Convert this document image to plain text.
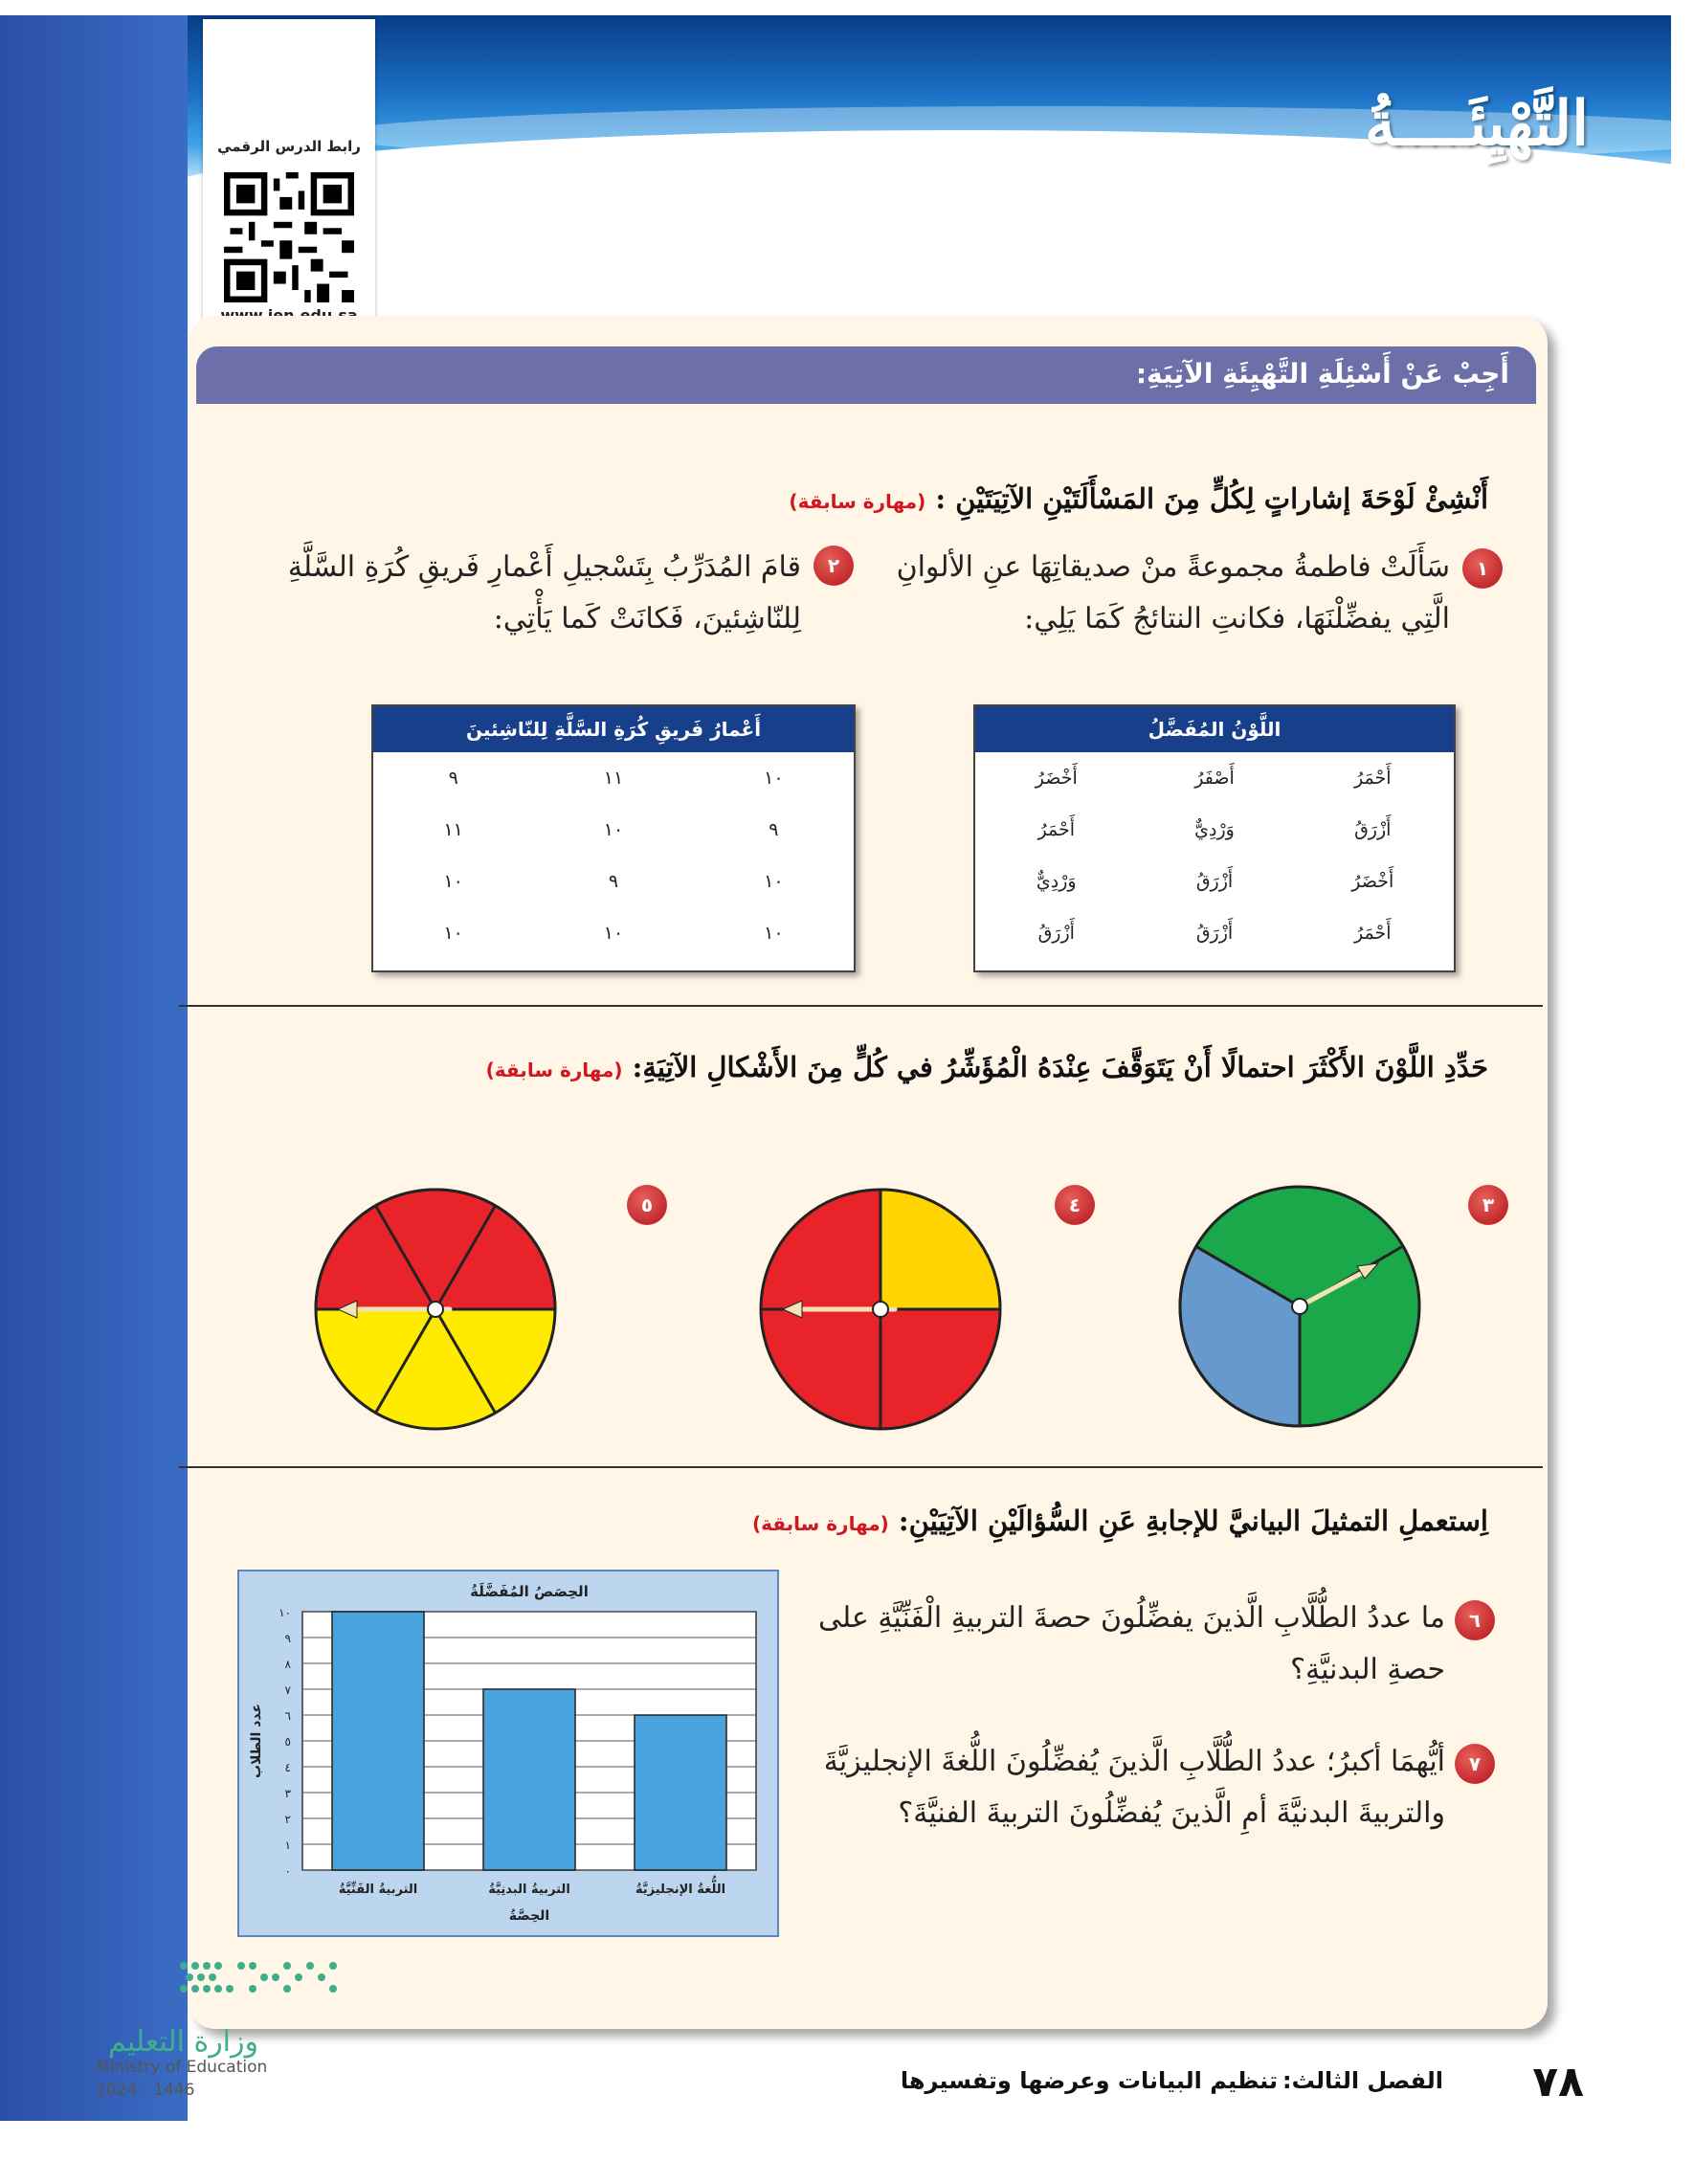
التَّهْيِئَــــةُ
رابط الدرس الرقمي
أَجِبْ عَنْ أَسْئِلَةِ التَّهْيِئَةِ الآتِيَةِ:
أَنْشِئْ لَوْحَةَ إشاراتٍ لِكُلٍّ مِنَ المَسْأَلَتَيْنِ الآتِيَتَيْنِ : (مهارة سابقة)
١
سَأَلَتْ فاطمةُ مجموعةً منْ صديقاتِهَا عنِ الألوانِ الَّتِي يفضِّلْنَهَا، فكانتِ النتائجُ كَمَا يَلِي:
٢
قامَ المُدَرِّبُ بِتَسْجيلِ أَعْمارِ فَريقِ كُرَةِ السَّلَّةِ لِلنّاشِئينَ، فَكانَتْ كَما يَأْتِي:
اللَّوْنُ المُفَضَّلُ
أَحْمَرُ	أَصْفَرُ	أَخْضَرُ
أَزْرَقُ	وَرْدِيٌّ	أَحْمَرُ
أَخْضَرُ	أَزْرَقُ	وَرْدِيٌّ
أَحْمَرُ	أَزْرَقُ	أَزْرَقُ
أَعْمارُ فَريقِ كُرَةِ السَّلَّةِ لِلنّاشِئينَ
١٠	١١	٩
٩	١٠	١١
١٠	٩	١٠
١٠	١٠	١٠
حَدِّدِ اللَّوْنَ الأَكْثَرَ احتمالًا أَنْ يَتَوَقَّفَ عِنْدَهُ الْمُؤَشِّرُ في كُلٍّ مِنَ الأَشْكالِ الآتِيَةِ: (مهارة سابقة)
٣
٤
٥
اِستعملِ التمثيلَ البيانيَّ للإجابةِ عَنِ السُّؤالَيْنِ الآتِيَيْنِ: (مهارة سابقة)
٦
ما عددُ الطُّلَّابِ الَّذينَ يفضِّلُونَ حصةَ التربيةِ الْفَنِّيَّةِ على حصةِ البدنيَّةِ؟
٧
أيُّهمَا أكبرُ؛ عددُ الطُّلَّابِ الَّذينَ يُفضِّلُونَ اللُّغةَ الإنجليزيَّةَ والتربيةَ البدنيَّةَ أمِ الَّذينَ يُفضِّلُونَ التربيةَ الفنيَّةَ؟
٠
١
٢
٣
٤
٥
٦
٧
٨
٩
١٠
التربيةُ الفَنِّيَّةُ	التربيةُ البدنِيَّةُ	اللُّغةُ الإنجليزيَّةُ
الحِصَصُ المُفَضَّلَةُ
الحِصَّةُ
عدد الطلاب
وزارة التعليم
Ministry of Education
2024 - 1446	٧٨
الفصل الثالث:
تنظيم البيانات وعرضها وتفسيرها
